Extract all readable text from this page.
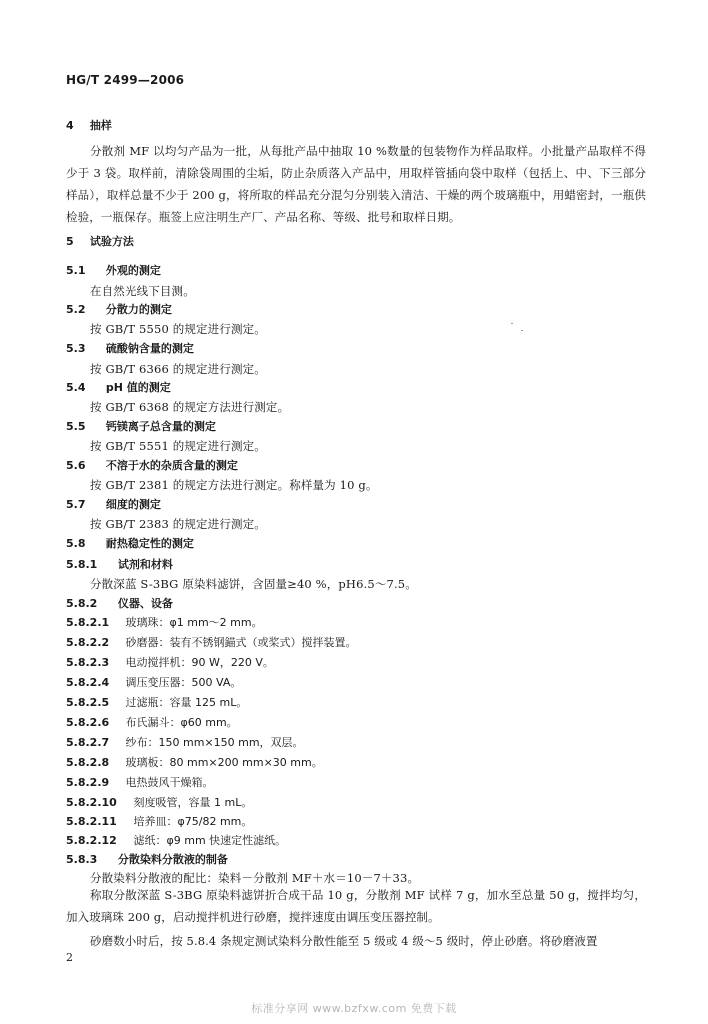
HG/T 2499—2006
4 抽样
分散剂 MF 以均匀产品为一批，从每批产品中抽取 10 %数量的包装物作为样品取样。小批量产品取样不得少于 3 袋。取样前，清除袋周围的尘垢，防止杂质落入产品中，用取样管插向袋中取样（包括上、中、下三部分样品），取样总量不少于 200 g，将所取的样品充分混匀分别装入清洁、干燥的两个玻璃瓶中，用蜡密封，一瓶供检验，一瓶保存。瓶签上应注明生产厂、产品名称、等级、批号和取样日期。
5 试验方法
5.1 外观的测定
在自然光线下目测。
5.2 分散力的测定
按 GB/T 5550 的规定进行测定。
5.3 硫酸钠含量的测定
按 GB/T 6366 的规定进行测定。
5.4 pH 值的测定
按 GB/T 6368 的规定方法进行测定。
5.5 钙镁离子总含量的测定
按 GB/T 5551 的规定进行测定。
5.6 不溶于水的杂质含量的测定
按 GB/T 2381 的规定方法进行测定。称样量为 10 g。
5.7 细度的测定
按 GB/T 2383 的规定进行测定。
5.8 耐热稳定性的测定
5.8.1 试剂和材料
分散深蓝 S-3BG 原染料滤饼，含固量≥40 %，pH6.5～7.5。
5.8.2 仪器、设备
5.8.2.1 玻璃珠：φ1 mm～2 mm。
5.8.2.2 砂磨器：装有不锈钢錨式（或桨式）搅拌装置。
5.8.2.3 电动搅拌机：90 W，220 V。
5.8.2.4 调压变压器：500 VA。
5.8.2.5 过滤瓶：容量 125 mL。
5.8.2.6 布氏漏斗：φ60 mm。
5.8.2.7 纱布：150 mm×150 mm，双层。
5.8.2.8 玻璃板：80 mm×200 mm×30 mm。
5.8.2.9 电热鼓风干燥箱。
5.8.2.10 刻度吸管，容量 1 mL。
5.8.2.11 培养皿：φ75/82 mm。
5.8.2.12 滤纸：φ9 mm 快速定性滤纸。
5.8.3 分散染料分散液的制备
分散染料分散液的配比：染料－分散剂 MF＋水＝10－7＋33。
称取分散深蓝 S-3BG 原染料滤饼折合成干品 10 g，分散剂 MF 试样 7 g，加水至总量 50 g，搅拌均匀，加入玻璃珠 200 g，启动搅拌机进行砂磨，搅拌速度由调压变压器控制。
砂磨数小时后，按 5.8.4 条规定测试染料分散性能至 5 级或 4 级～5 级时，停止砂磨。将砂磨液置
2
标准分享网 www.bzfxw.com 免费下载
